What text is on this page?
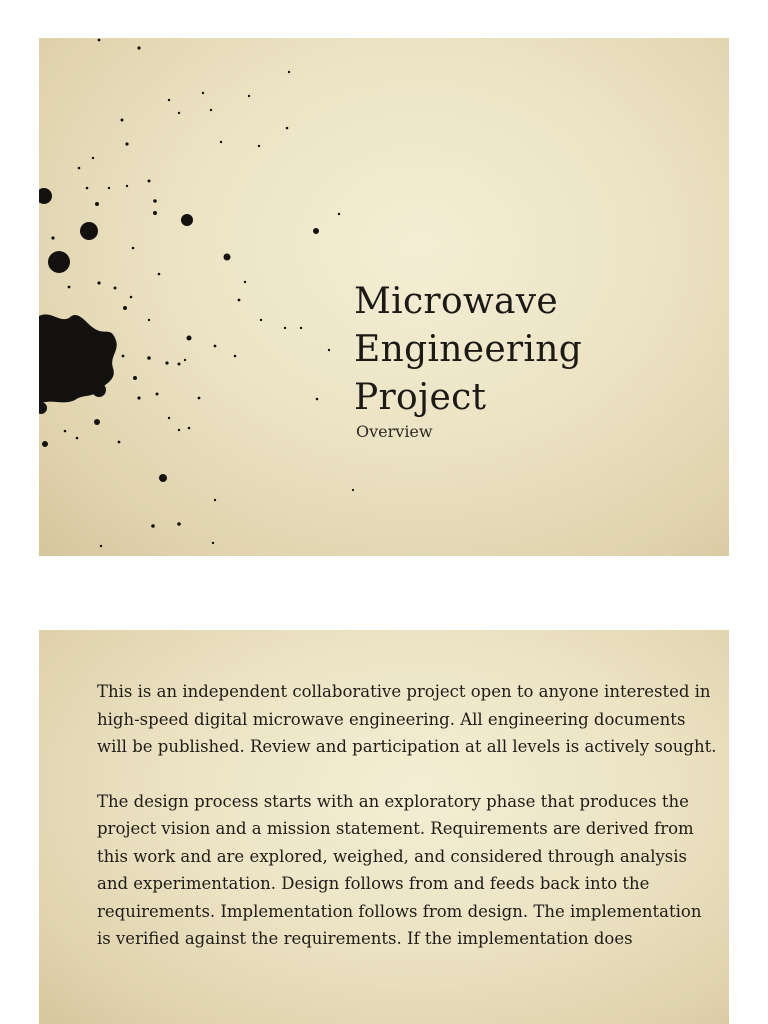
Microwave
Engineering
Project
Overview

This is an independent collaborative project open to anyone interested in high-speed digital microwave engineering. All engineering documents will be published. Review and participation at all levels is actively sought.

The design process starts with an exploratory phase that produces the project vision and a mission statement. Requirements are derived from this work and are explored, weighed, and considered through analysis and experimentation. Design follows from and feeds back into the requirements. Implementation follows from design. The implementation is verified against the requirements. If the implementation does
